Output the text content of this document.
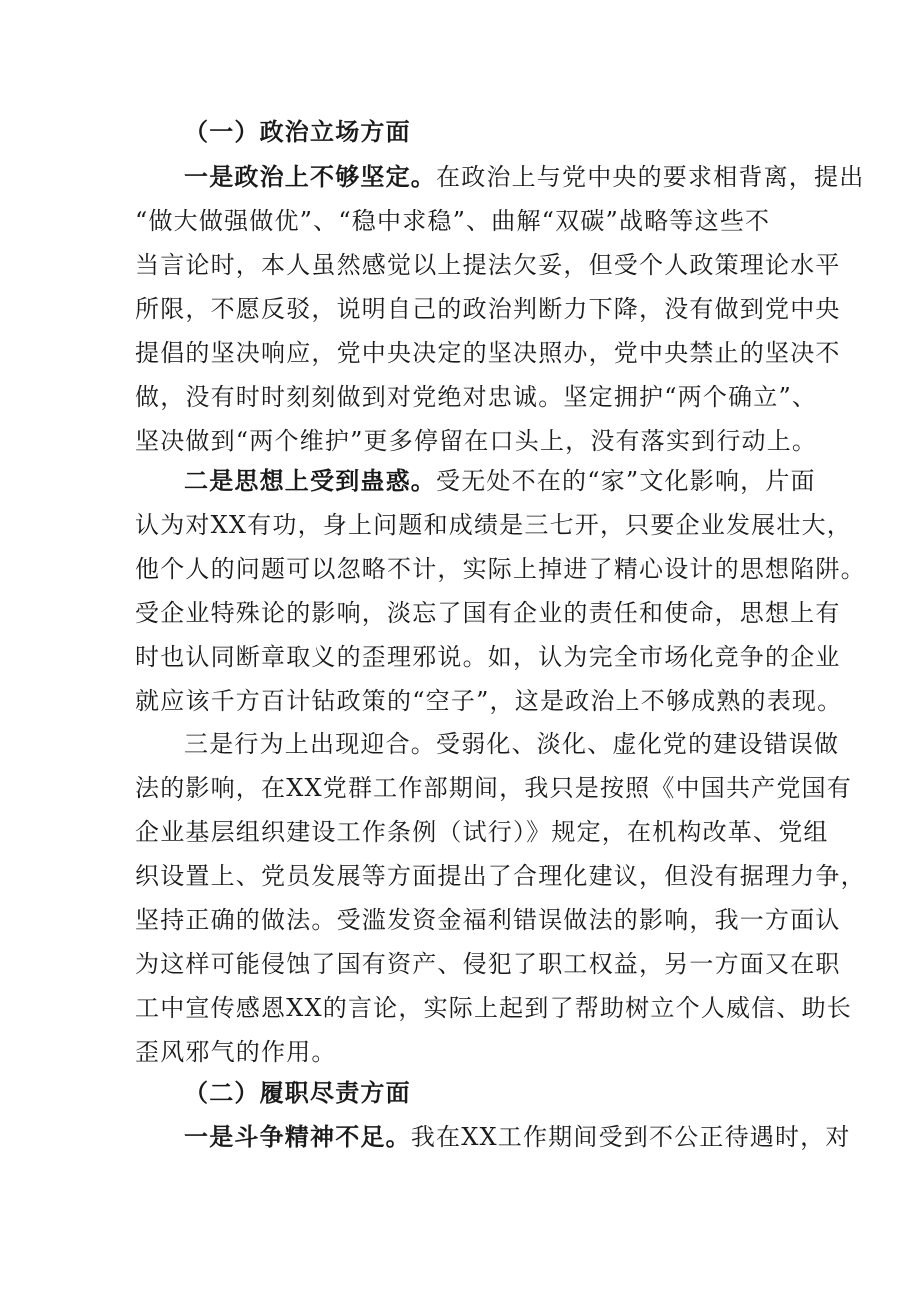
（一）政治立场方面
一是政治上不够坚定。在政治上与党中央的要求相背离，提出
“做大做强做优”、“稳中求稳”、曲解“双碳”战略等这些不
当言论时，本人虽然感觉以上提法欠妥，但受个人政策理论水平
所限，不愿反驳，说明自己的政治判断力下降，没有做到党中央
提倡的坚决响应，党中央决定的坚决照办，党中央禁止的坚决不
做，没有时时刻刻做到对党绝对忠诚。坚定拥护“两个确立”、
坚决做到“两个维护”更多停留在口头上，没有落实到行动上。
二是思想上受到蛊惑。受无处不在的“家”文化影响，片面
认为对XX有功，身上问题和成绩是三七开，只要企业发展壮大，
他个人的问题可以忽略不计，实际上掉进了精心设计的思想陷阱。
受企业特殊论的影响，淡忘了国有企业的责任和使命，思想上有
时也认同断章取义的歪理邪说。如，认为完全市场化竞争的企业
就应该千方百计钻政策的“空子”，这是政治上不够成熟的表现。
三是行为上出现迎合。受弱化、淡化、虚化党的建设错误做
法的影响，在XX党群工作部期间，我只是按照《中国共产党国有
企业基层组织建设工作条例（试行）》规定，在机构改革、党组
织设置上、党员发展等方面提出了合理化建议，但没有据理力争，
坚持正确的做法。受滥发资金福利错误做法的影响，我一方面认
为这样可能侵蚀了国有资产、侵犯了职工权益，另一方面又在职
工中宣传感恩XX的言论，实际上起到了帮助树立个人威信、助长
歪风邪气的作用。
（二）履职尽责方面
一是斗争精神不足。我在XX工作期间受到不公正待遇时，对
